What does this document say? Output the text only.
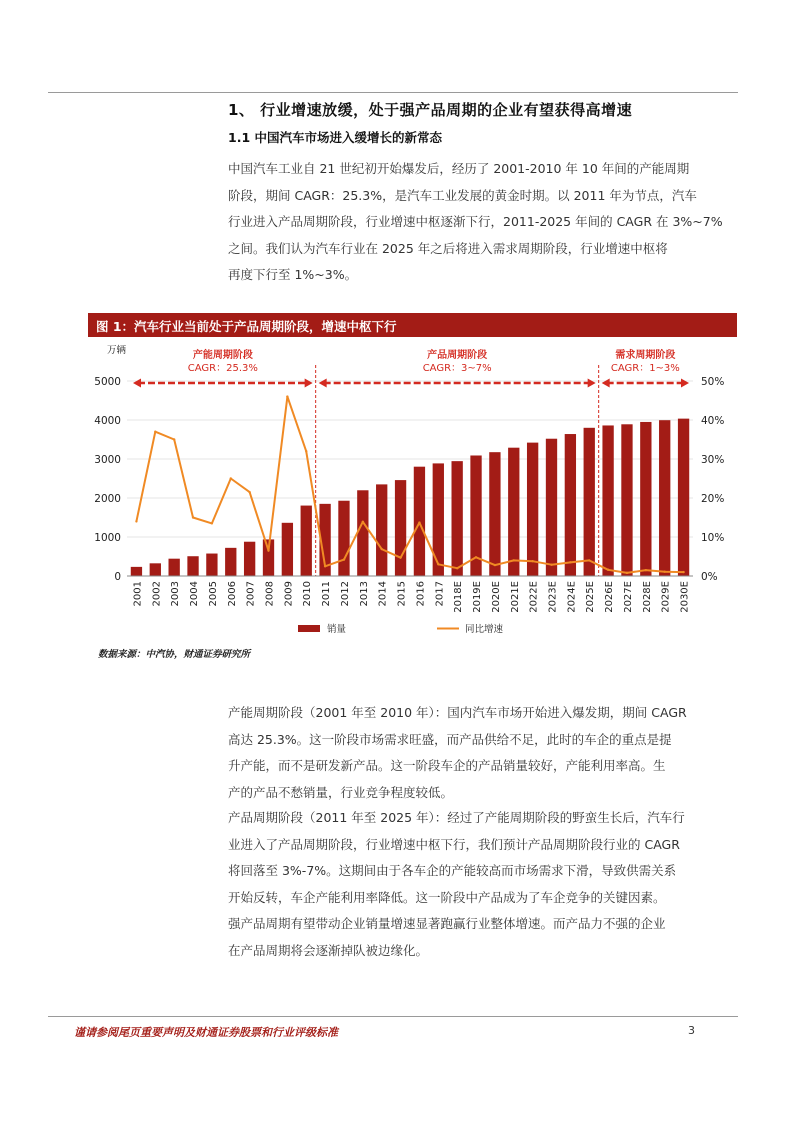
1、 行业增速放缓，处于强产品周期的企业有望获得高增速
1.1 中国汽车市场进入缓增长的新常态
中国汽车工业自 21 世纪初开始爆发后，经历了 2001-2010 年 10 年间的产能周期
阶段，期间 CAGR：25.3%，是汽车工业发展的黄金时期。以 2011 年为节点，汽车
行业进入产品周期阶段，行业增速中枢逐渐下行，2011-2025 年间的 CAGR 在 3%~7%
之间。我们认为汽车行业在 2025 年之后将进入需求周期阶段，行业增速中枢将
再度下行至 1%~3%。
图 1：汽车行业当前处于产品周期阶段，增速中枢下行
产能周期阶段
CAGR：25.3%
产品周期阶段
CAGR：3~7%
需求周期阶段
CAGR：1~3%
0
1000
2000
3000
4000
5000
0%
10%
20%
30%
40%
50%
万辆
2001 2002 2003 2004 2005 2006 2007 2008 2009 2010 2011 2012 2013 2014 2015 2016 2017 2018E 2019E 2020E 2021E 2022E 2023E 2024E 2025E 2026E 2027E 2028E 2029E 2030E
销量	同比增速
数据来源：中汽协，财通证券研究所
产能周期阶段（2001 年至 2010 年）：国内汽车市场开始进入爆发期，期间 CAGR
高达 25.3%。这一阶段市场需求旺盛，而产品供给不足，此时的车企的重点是提
升产能，而不是研发新产品。这一阶段车企的产品销量较好，产能利用率高。生
产的产品不愁销量，行业竞争程度较低。
产品周期阶段（2011 年至 2025 年）：经过了产能周期阶段的野蛮生长后，汽车行
业进入了产品周期阶段，行业增速中枢下行，我们预计产品周期阶段行业的 CAGR
将回落至 3%-7%。这期间由于各车企的产能较高而市场需求下滑，导致供需关系
开始反转，车企产能利用率降低。这一阶段中产品成为了车企竞争的关键因素。
强产品周期有望带动企业销量增速显著跑赢行业整体增速。而产品力不强的企业
在产品周期将会逐渐掉队被边缘化。
谨请参阅尾页重要声明及财通证券股票和行业评级标准	3
